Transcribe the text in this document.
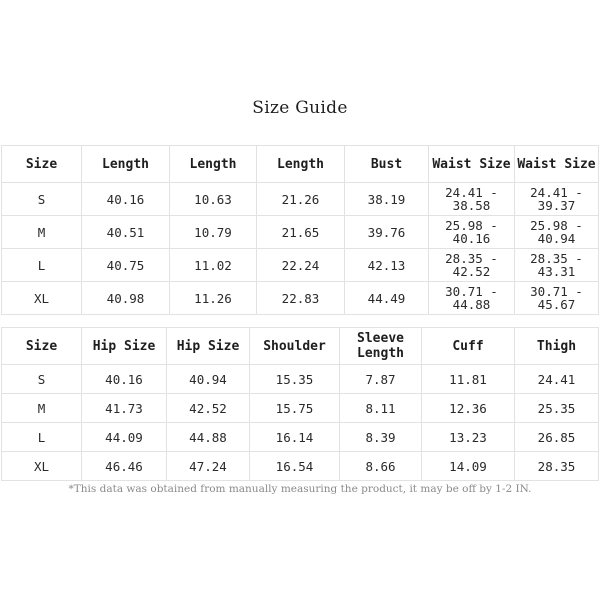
Size Guide
Size	Length	Length	Length	Bust	Waist Size	Waist Size
S	40.16	10.63	21.26	38.19	24.41 - 38.58	24.41 - 39.37
M	40.51	10.79	21.65	39.76	25.98 - 40.16	25.98 - 40.94
L	40.75	11.02	22.24	42.13	28.35 - 42.52	28.35 - 43.31
XL	40.98	11.26	22.83	44.49	30.71 - 44.88	30.71 - 45.67
Size	Hip Size	Hip Size	Shoulder	Sleeve Length	Cuff	Thigh
S	40.16	40.94	15.35	7.87	11.81	24.41
M	41.73	42.52	15.75	8.11	12.36	25.35
L	44.09	44.88	16.14	8.39	13.23	26.85
XL	46.46	47.24	16.54	8.66	14.09	28.35
*This data was obtained from manually measuring the product, it may be off by 1-2 IN.
